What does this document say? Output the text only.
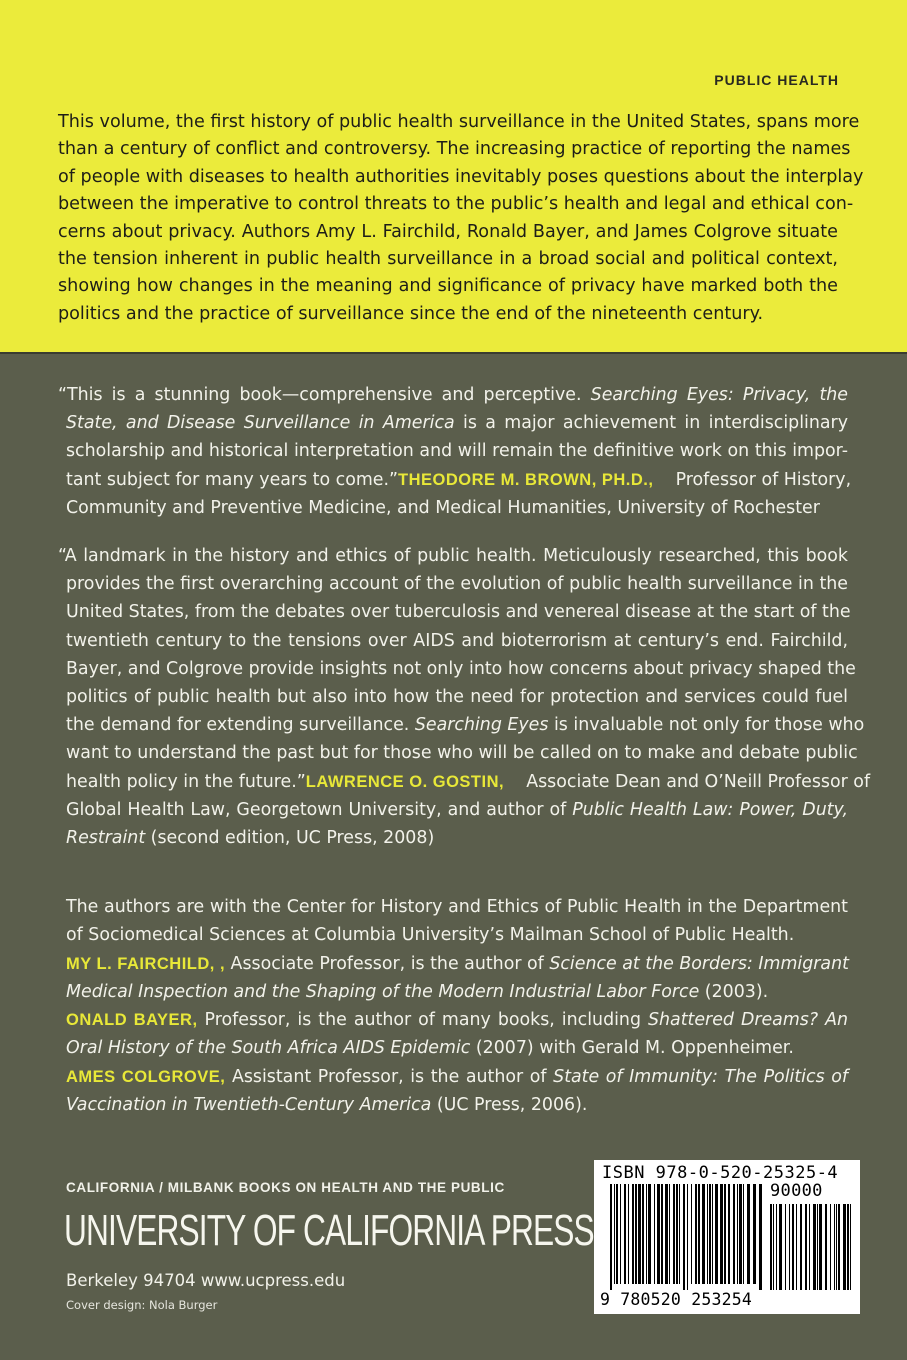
PUBLIC HEALTH
This volume, the first history of public health surveillance in the United States, spans more
than a century of conflict and controversy. The increasing practice of reporting the names
of people with diseases to health authorities inevitably poses questions about the interplay
between the imperative to control threats to the public’s health and legal and ethical con-
cerns about privacy. Authors Amy L. Fairchild, Ronald Bayer, and James Colgrove situate
the tension inherent in public health surveillance in a broad social and political context,
showing how changes in the meaning and significance of privacy have marked both the
politics and the practice of surveillance since the end of the nineteenth century.
“This is a stunning book—comprehensive and perceptive. Searching Eyes: Privacy, the
State, and Disease Surveillance in America is a major achievement in interdisciplinary
scholarship and historical interpretation and will remain the definitive work on this impor-
tant subject for many years to come.”THEODORE M. BROWN, PH.D., Professor of History,
Community and Preventive Medicine, and Medical Humanities, University of Rochester
“A landmark in the history and ethics of public health. Meticulously researched, this book
provides the first overarching account of the evolution of public health surveillance in the
United States, from the debates over tuberculosis and venereal disease at the start of the
twentieth century to the tensions over AIDS and bioterrorism at century’s end. Fairchild,
Bayer, and Colgrove provide insights not only into how concerns about privacy shaped the
politics of public health but also into how the need for protection and services could fuel
the demand for extending surveillance. Searching Eyes is invaluable not only for those who
want to understand the past but for those who will be called on to make and debate public
health policy in the future.”LAWRENCE O. GOSTIN, Associate Dean and O’Neill Professor of
Global Health Law, Georgetown University, and author of Public Health Law: Power, Duty,
Restraint (second edition, UC Press, 2008)
The authors are with the Center for History and Ethics of Public Health in the Department
of Sociomedical Sciences at Columbia University’s Mailman School of Public Health.
MY L. FAIRCHILD, , Associate Professor, is the author of Science at the Borders: Immigrant
Medical Inspection and the Shaping of the Modern Industrial Labor Force (2003).
ONALD BAYER, Professor, is the author of many books, including Shattered Dreams? An
Oral History of the South Africa AIDS Epidemic (2007) with Gerald M. Oppenheimer.
AMES COLGROVE, Assistant Professor, is the author of State of Immunity: The Politics of
Vaccination in Twentieth-Century America (UC Press, 2006).
CALIFORNIA / MILBANK BOOKS ON HEALTH AND THE PUBLIC
UNIVERSITY OF CALIFORNIA PRESS
Berkeley 94704 www.ucpress.edu
Cover design: Nola Burger
ISBN 978-0-520-25325-4
90000
9 780520 253254
